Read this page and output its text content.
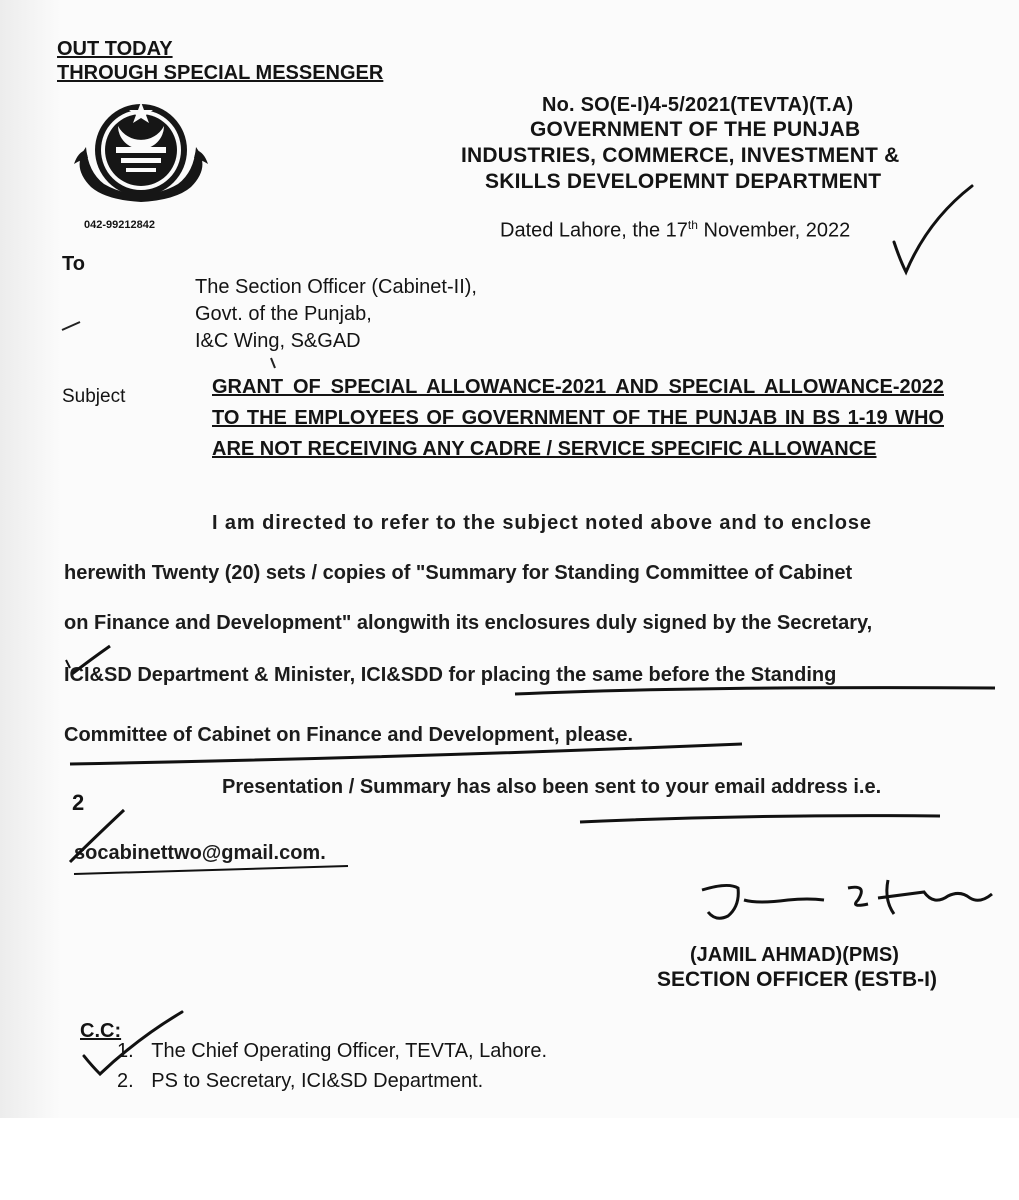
OUT TODAY
THROUGH SPECIAL MESSENGER
042-99212842
No. SO(E-I)4-5/2021(TEVTA)(T.A)
GOVERNMENT OF THE PUNJAB
INDUSTRIES, COMMERCE, INVESTMENT &
SKILLS DEVELOPEMNT DEPARTMENT
Dated Lahore, the 17th November, 2022
To
The Section Officer (Cabinet-II),
Govt. of the Punjab,
I&C Wing, S&GAD
Subject	GRANT OF SPECIAL ALLOWANCE-2021 AND SPECIAL ALLOWANCE-2022 TO THE EMPLOYEES OF GOVERNMENT OF THE PUNJAB IN BS 1-19 WHO ARE NOT RECEIVING ANY CADRE / SERVICE SPECIFIC ALLOWANCE
I am directed to refer to the subject noted above and to enclose
herewith Twenty (20) sets / copies of "Summary for Standing Committee of Cabinet
on Finance and Development" alongwith its enclosures duly signed by the Secretary,
ICI&SD Department & Minister, ICI&SDD for placing the same before the Standing
Committee of Cabinet on Finance and Development, please.
2
Presentation / Summary has also been sent to your email address i.e.
socabinettwo@gmail.com.
(JAMIL AHMAD)(PMS)
SECTION OFFICER (ESTB-I)
C.C:
1. The Chief Operating Officer, TEVTA, Lahore.
2. PS to Secretary, ICI&SD Department.
